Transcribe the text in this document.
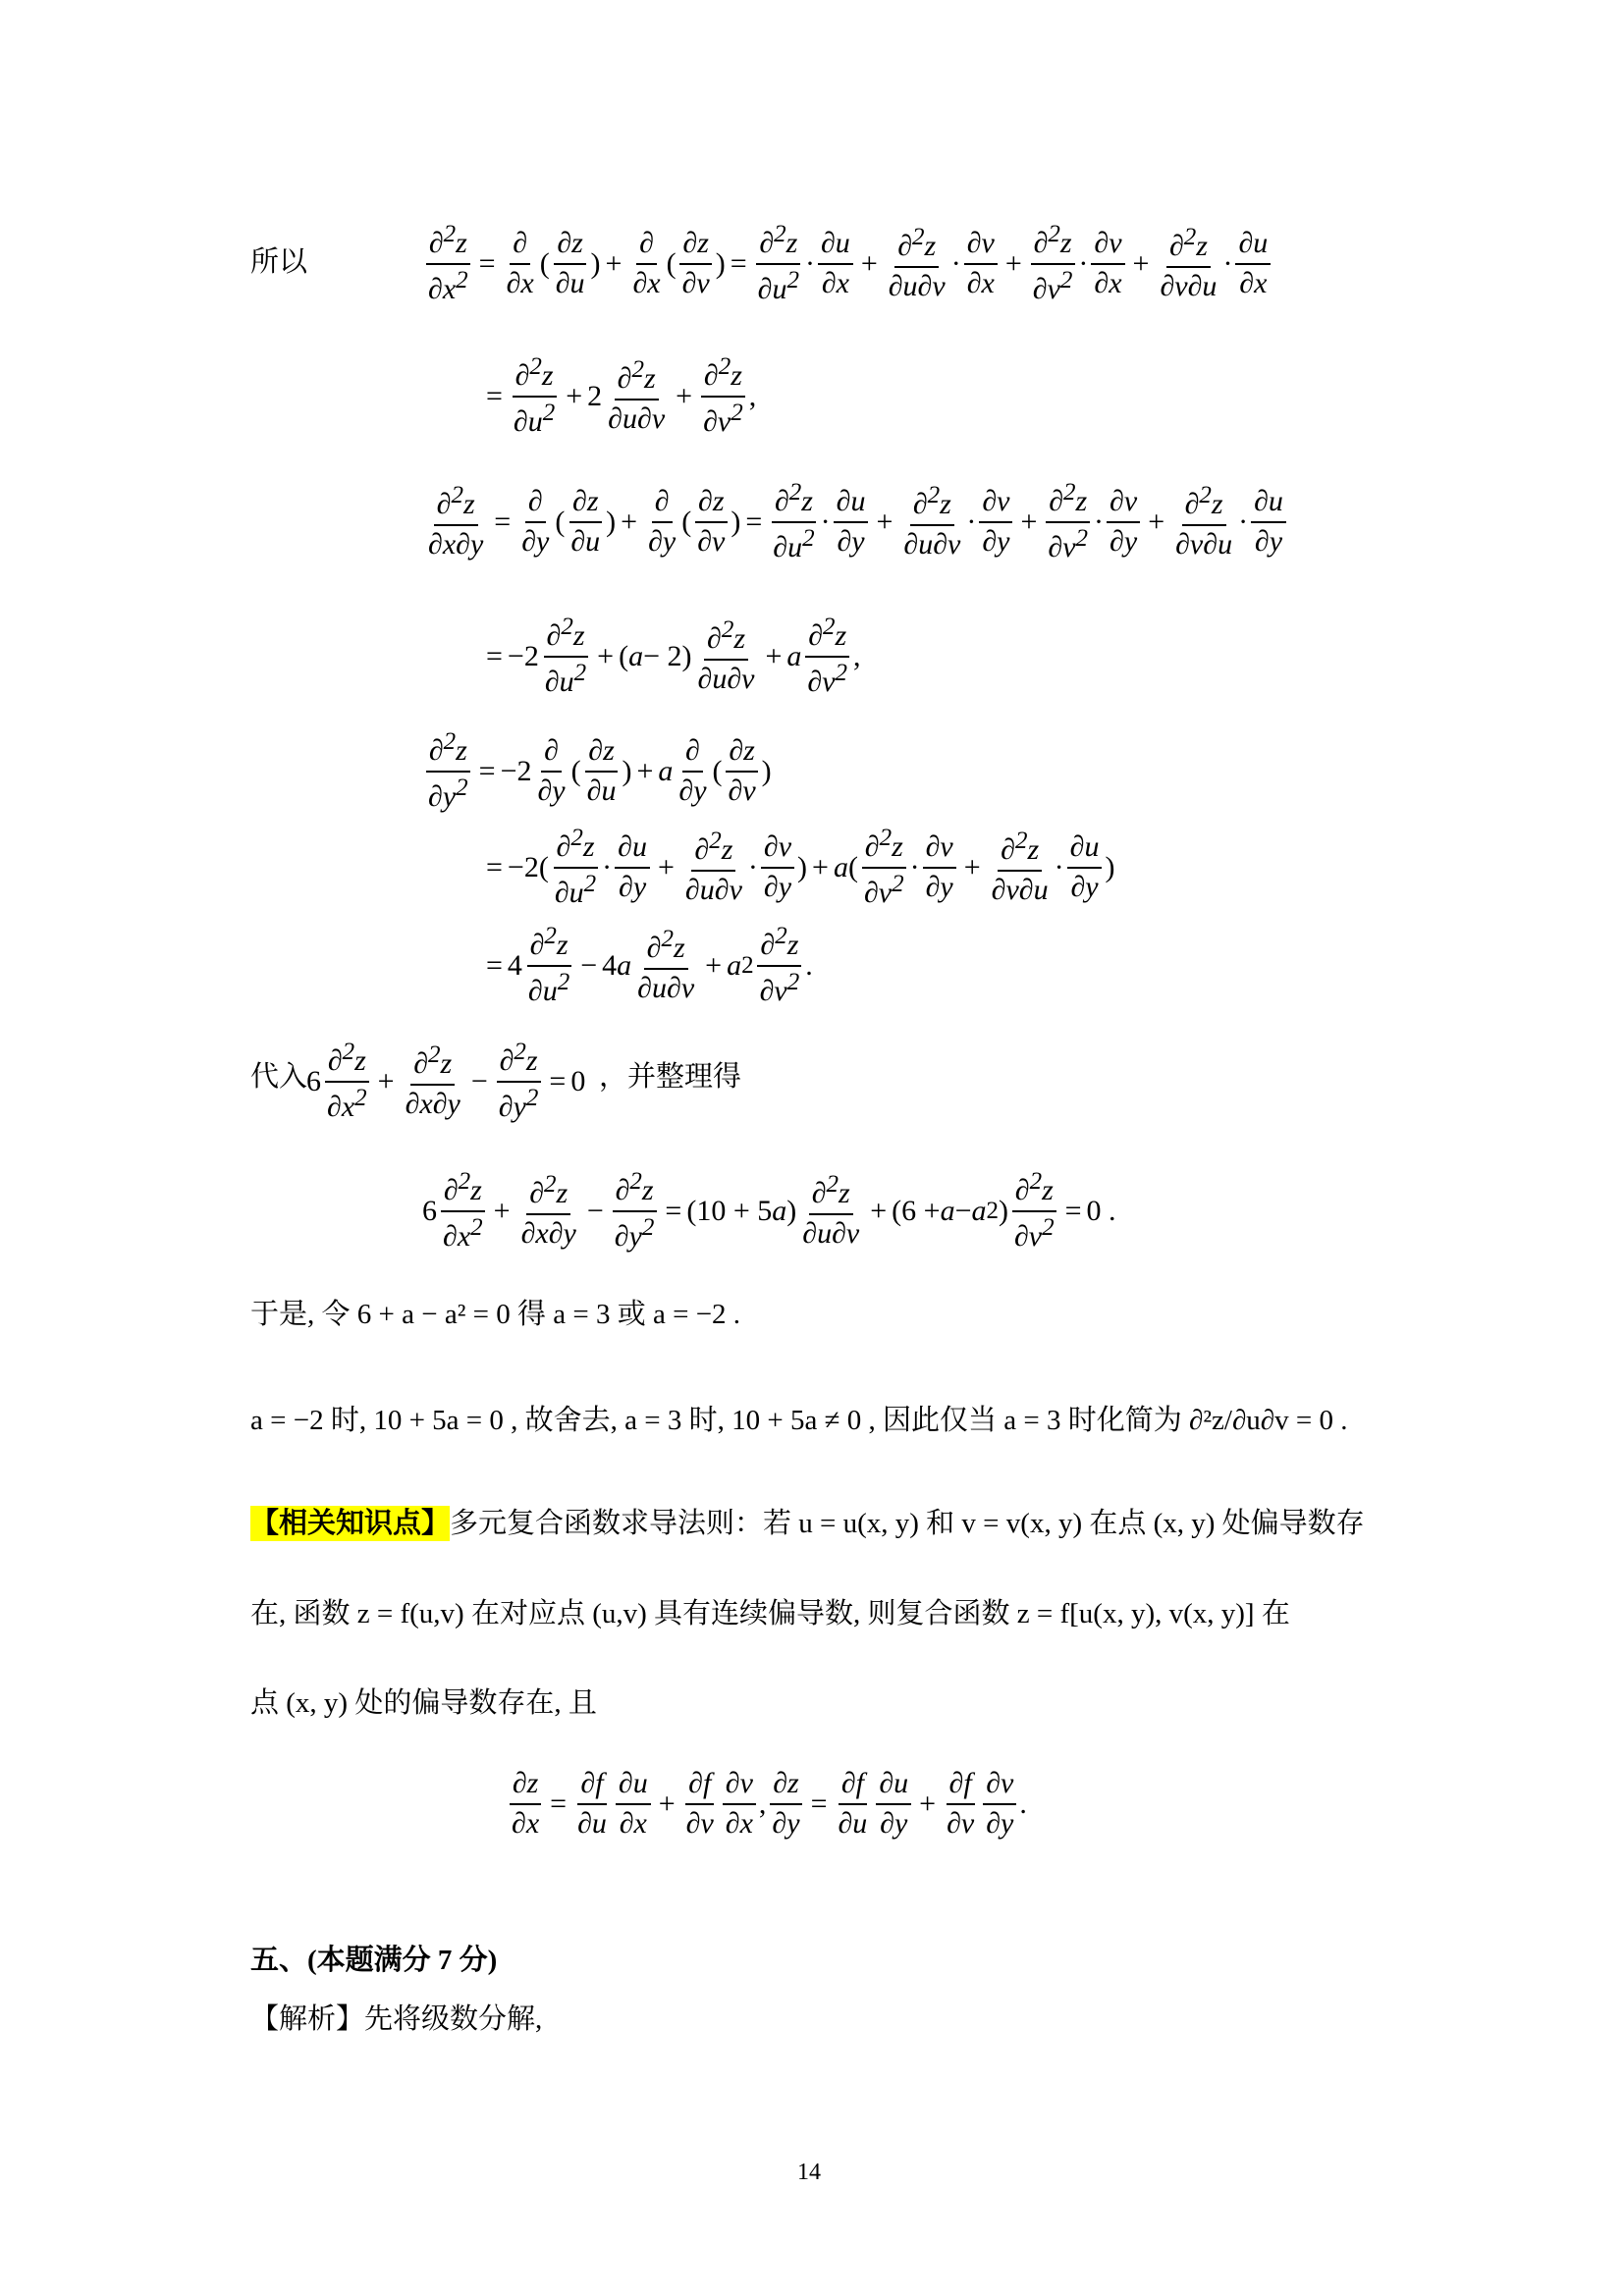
所以	$\frac{\partial^2z}{\partial x^2} = \frac{\partial}{\partial x}$ ( $\frac{\partial z}{\partial u}$ ) + $\frac{\partial}{\partial x}$ ( $\frac{\partial z}{\partial v}$ ) = $\frac{\partial^2z}{\partial u^2} \cdot \frac{\partial u}{\partial x} + \frac{\partial^2z}{\partial u\partial v} \cdot \frac{\partial v}{\partial x} + \frac{\partial^2z}{\partial v^2} \cdot \frac{\partial v}{\partial x} + \frac{\partial^2z}{\partial v\partial u} \cdot \frac{\partial u}{\partial x}$
= $\frac{\partial^2z}{\partial u^2} + 2 \frac{\partial^2z}{\partial u\partial v} + \frac{\partial^2z}{\partial v^2}$ ,
$\frac{\partial^2z}{\partial x\partial y} = \frac{\partial}{\partial y}$ ( $\frac{\partial z}{\partial u}$ ) + $\frac{\partial}{\partial y}$ ( $\frac{\partial z}{\partial v}$ ) = $\frac{\partial^2z}{\partial u^2} \cdot \frac{\partial u}{\partial y} + \frac{\partial^2z}{\partial u\partial v} \cdot \frac{\partial v}{\partial y} + \frac{\partial^2z}{\partial v^2} \cdot \frac{\partial v}{\partial y} + \frac{\partial^2z}{\partial v\partial u} \cdot \frac{\partial u}{\partial y}$
= $-2 \frac{\partial^2z}{\partial u^2}$ + ( $a - 2) \frac{\partial^2z}{\partial u\partial v} + a \frac{\partial^2z}{\partial v^2}$ ,
$\frac{\partial^2z}{\partial y^2} = -2 \frac{\partial}{\partial y}$ ( $\frac{\partial z}{\partial u}$ ) + a $\frac{\partial}{\partial y}$ ( $\frac{\partial z}{\partial v}$ )
= $-2( \frac{\partial^2z}{\partial u^2} \cdot \frac{\partial u}{\partial y} + \frac{\partial^2z}{\partial u\partial v} \cdot \frac{\partial v}{\partial y}$ ) + a ( $\frac{\partial^2z}{\partial v^2} \cdot \frac{\partial v}{\partial y} + \frac{\partial^2z}{\partial v\partial u} \cdot \frac{\partial u}{\partial y}$ )
= $4 \frac{\partial^2z}{\partial u^2} - 4$ a $\frac{\partial^2z}{\partial u\partial v} + a$ $2 \frac{\partial^2z}{\partial v^2}$ .
代入
$6 \frac{\partial^2z}{\partial x^2} + \frac{\partial^2z}{\partial x\partial y} - \frac{\partial^2z}{\partial y^2} = 0$ ，并整理得
$6 \frac{\partial^2z}{\partial x^2} + \frac{\partial^2z}{\partial x\partial y} - \frac{\partial^2z}{\partial y^2} = (10 + 5$ a ) $\frac{\partial^2z}{\partial u\partial v} + (6 + a - a$ 2 ) $\frac{\partial^2z}{\partial v^2} = 0$ .
于是, 令 6 + a − a² = 0 得 a = 3 或 a = −2 .
a = −2 时, 10 + 5a = 0 , 故舍去, a = 3 时, 10 + 5a ≠ 0 , 因此仅当 a = 3 时化简为 ∂²z/∂u∂v = 0 .
【相关知识点】多元复合函数求导法则：若 u = u(x, y) 和 v = v(x, y) 在点 (x, y) 处偏导数存
在, 函数 z = f(u,v) 在对应点 (u,v) 具有连续偏导数, 则复合函数 z = f[u(x, y), v(x, y)] 在
点 (x, y) 处的偏导数存在, 且
$\frac{\partial z}{\partial x} = \frac{\partial f}{\partial u} \frac{\partial u}{\partial x} + \frac{\partial f}{\partial v} \frac{\partial v}{\partial x}$ , $\frac{\partial z}{\partial y} = \frac{\partial f}{\partial u} \frac{\partial u}{\partial y} + \frac{\partial f}{\partial v} \frac{\partial v}{\partial y}$ .
五、(本题满分 7 分)
【解析】先将级数分解,
14
